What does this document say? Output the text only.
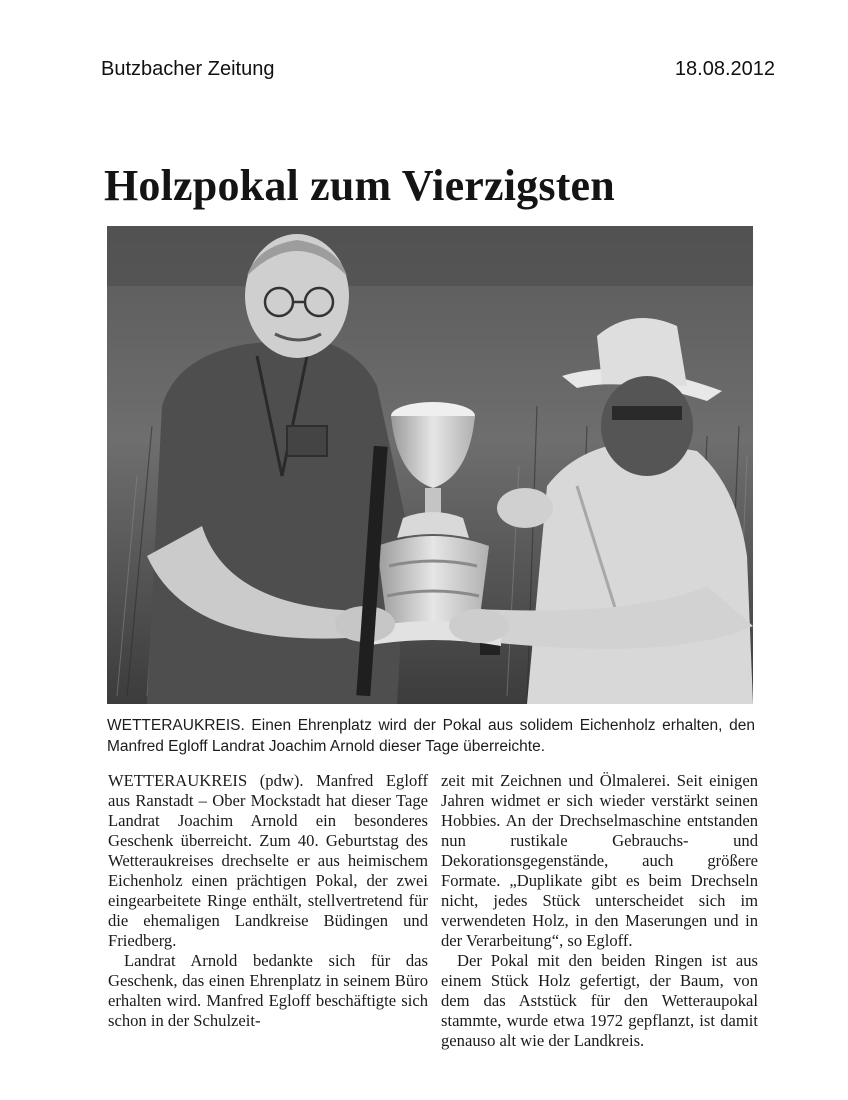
Butzbacher Zeitung	18.08.2012
Holzpokal zum Vierzigsten

WETTERAUKREIS. Einen Ehrenplatz wird der Pokal aus solidem Eichenholz erhalten, den Manfred Egloff Landrat Joachim Arnold dieser Tage überreichte.

WETTERAUKREIS (pdw). Manfred Egloff aus Ranstadt – Ober Mockstadt hat dieser Tage Landrat Joachim Arnold ein besonderes Geschenk überreicht. Zum 40. Geburtstag des Wetteraukreises drechselte er aus heimischem Eichenholz einen prächtigen Pokal, der zwei eingearbeitete Ringe enthält, stellvertretend für die ehemaligen Landkreise Büdingen und Friedberg.

Landrat Arnold bedankte sich für das Geschenk, das einen Ehrenplatz in seinem Büro erhalten wird. Manfred Egloff beschäftigte sich schon in der Schulzeit-

zeit mit Zeichnen und Ölmalerei. Seit einigen Jahren widmet er sich wieder verstärkt seinen Hobbies. An der Drechselmaschine entstanden nun rustikale Gebrauchs- und Dekorationsgegenstände, auch größere Formate. „Duplikate gibt es beim Drechseln nicht, jedes Stück unterscheidet sich im verwendeten Holz, in den Maserungen und in der Verarbeitung“, so Egloff.

Der Pokal mit den beiden Ringen ist aus einem Stück Holz gefertigt, der Baum, von dem das Aststück für den Wetteraupokal stammte, wurde etwa 1972 gepflanzt, ist damit genauso alt wie der Landkreis.
